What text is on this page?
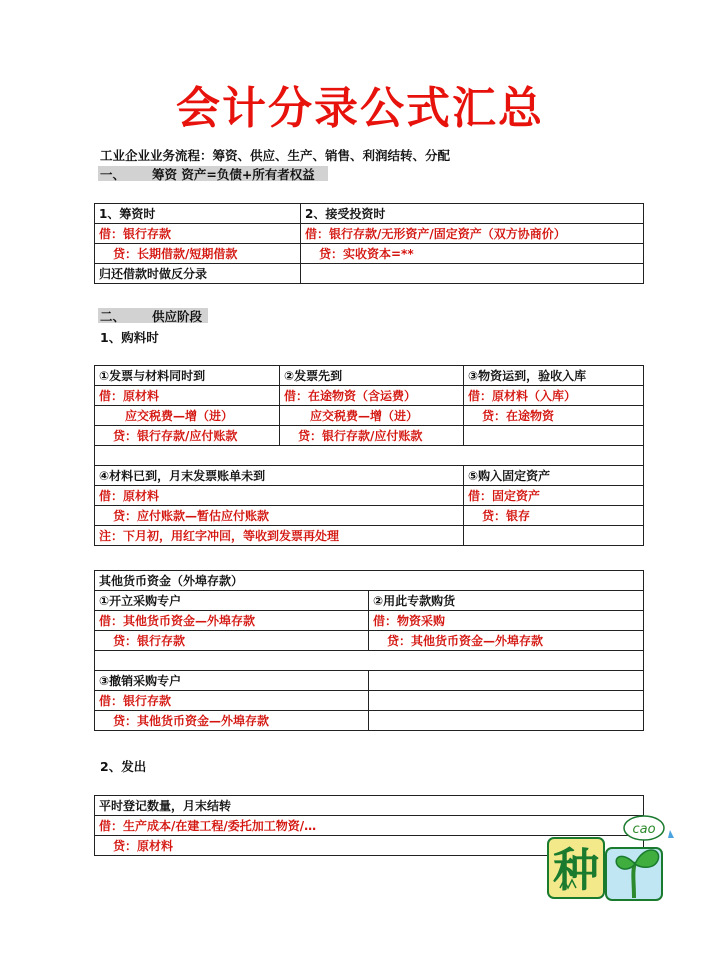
会计分录公式汇总
工业企业业务流程：筹资、供应、生产、销售、利润结转、分配
一、 筹资 资产=负债+所有者权益
1、筹资时	2、接受投资时
借：银行存款	借：银行存款/无形资产/固定资产（双方协商价）
贷：长期借款/短期借款	贷：实收资本=**
归还借款时做反分录	
二、 供应阶段
1、购料时
①发票与材料同时到	②发票先到	③物资运到，验收入库
借：原材料	借：在途物资（含运费）	借：原材料（入库）
应交税费—增（进）	应交税费—增（进）	贷：在途物资
贷：银行存款/应付账款	贷：银行存款/应付账款	

④材料已到，月末发票账单未到		⑤购入固定资产
借：原材料		借：固定资产
贷：应付账款—暂估应付账款		贷：银存
注：下月初，用红字冲回，等收到发票再处理		
其他货币资金（外埠存款）	
①开立采购专户	②用此专款购货
借：其他货币资金—外埠存款	借：物资采购
贷：银行存款	贷：其他货币资金—外埠存款

③撤销采购专户	
借：银行存款	
贷：其他货币资金—外埠存款	
2、发出
平时登记数量，月末结转
借：生产成本/在建工程/委托加工物资/…
贷：原材料	种
cao
